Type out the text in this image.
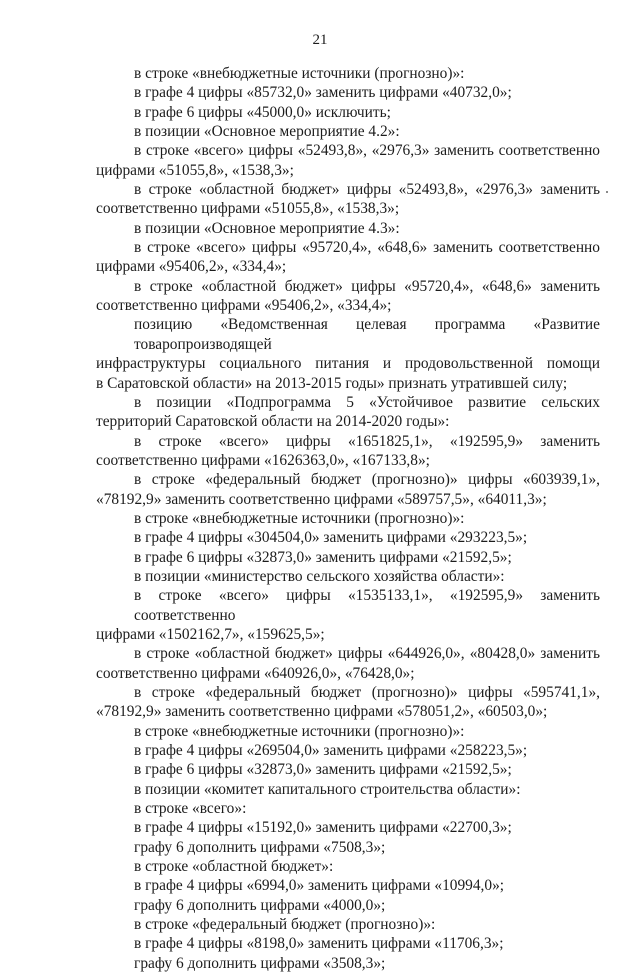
21
в строке «внебюджетные источники (прогнозно)»:
в графе 4 цифры «85732,0» заменить цифрами «40732,0»;
в графе 6 цифры «45000,0» исключить;
в позиции «Основное мероприятие 4.2»:
в строке «всего» цифры «52493,8», «2976,3» заменить соответственно
цифрами «51055,8», «1538,3»;
в строке «областной бюджет» цифры «52493,8», «2976,3» заменить
соответственно цифрами «51055,8», «1538,3»;
в позиции «Основное мероприятие 4.3»:
в строке «всего» цифры «95720,4», «648,6» заменить соответственно
цифрами «95406,2», «334,4»;
в строке «областной бюджет» цифры «95720,4», «648,6» заменить
соответственно цифрами «95406,2», «334,4»;
позицию «Ведомственная целевая программа «Развитие товаропроизводящей
инфраструктуры социального питания и продовольственной помощи
в Саратовской области» на 2013-2015 годы» признать утратившей силу;
в позиции «Подпрограмма 5 «Устойчивое развитие сельских
территорий Саратовской области на 2014-2020 годы»:
в строке «всего» цифры «1651825,1», «192595,9» заменить
соответственно цифрами «1626363,0», «167133,8»;
в строке «федеральный бюджет (прогнозно)» цифры «603939,1»,
«78192,9» заменить соответственно цифрами «589757,5», «64011,3»;
в строке «внебюджетные источники (прогнозно)»:
в графе 4 цифры «304504,0» заменить цифрами «293223,5»;
в графе 6 цифры «32873,0» заменить цифрами «21592,5»;
в позиции «министерство сельского хозяйства области»:
в строке «всего» цифры «1535133,1», «192595,9» заменить соответственно
цифрами «1502162,7», «159625,5»;
в строке «областной бюджет» цифры «644926,0», «80428,0» заменить
соответственно цифрами «640926,0», «76428,0»;
в строке «федеральный бюджет (прогнозно)» цифры «595741,1»,
«78192,9» заменить соответственно цифрами «578051,2», «60503,0»;
в строке «внебюджетные источники (прогнозно)»:
в графе 4 цифры «269504,0» заменить цифрами «258223,5»;
в графе 6 цифры «32873,0» заменить цифрами «21592,5»;
в позиции «комитет капитального строительства области»:
в строке «всего»:
в графе 4 цифры «15192,0» заменить цифрами «22700,3»;
графу 6 дополнить цифрами «7508,3»;
в строке «областной бюджет»:
в графе 4 цифры «6994,0» заменить цифрами «10994,0»;
графу 6 дополнить цифрами «4000,0»;
в строке «федеральный бюджет (прогнозно)»:
в графе 4 цифры «8198,0» заменить цифрами «11706,3»;
графу 6 дополнить цифрами «3508,3»;
